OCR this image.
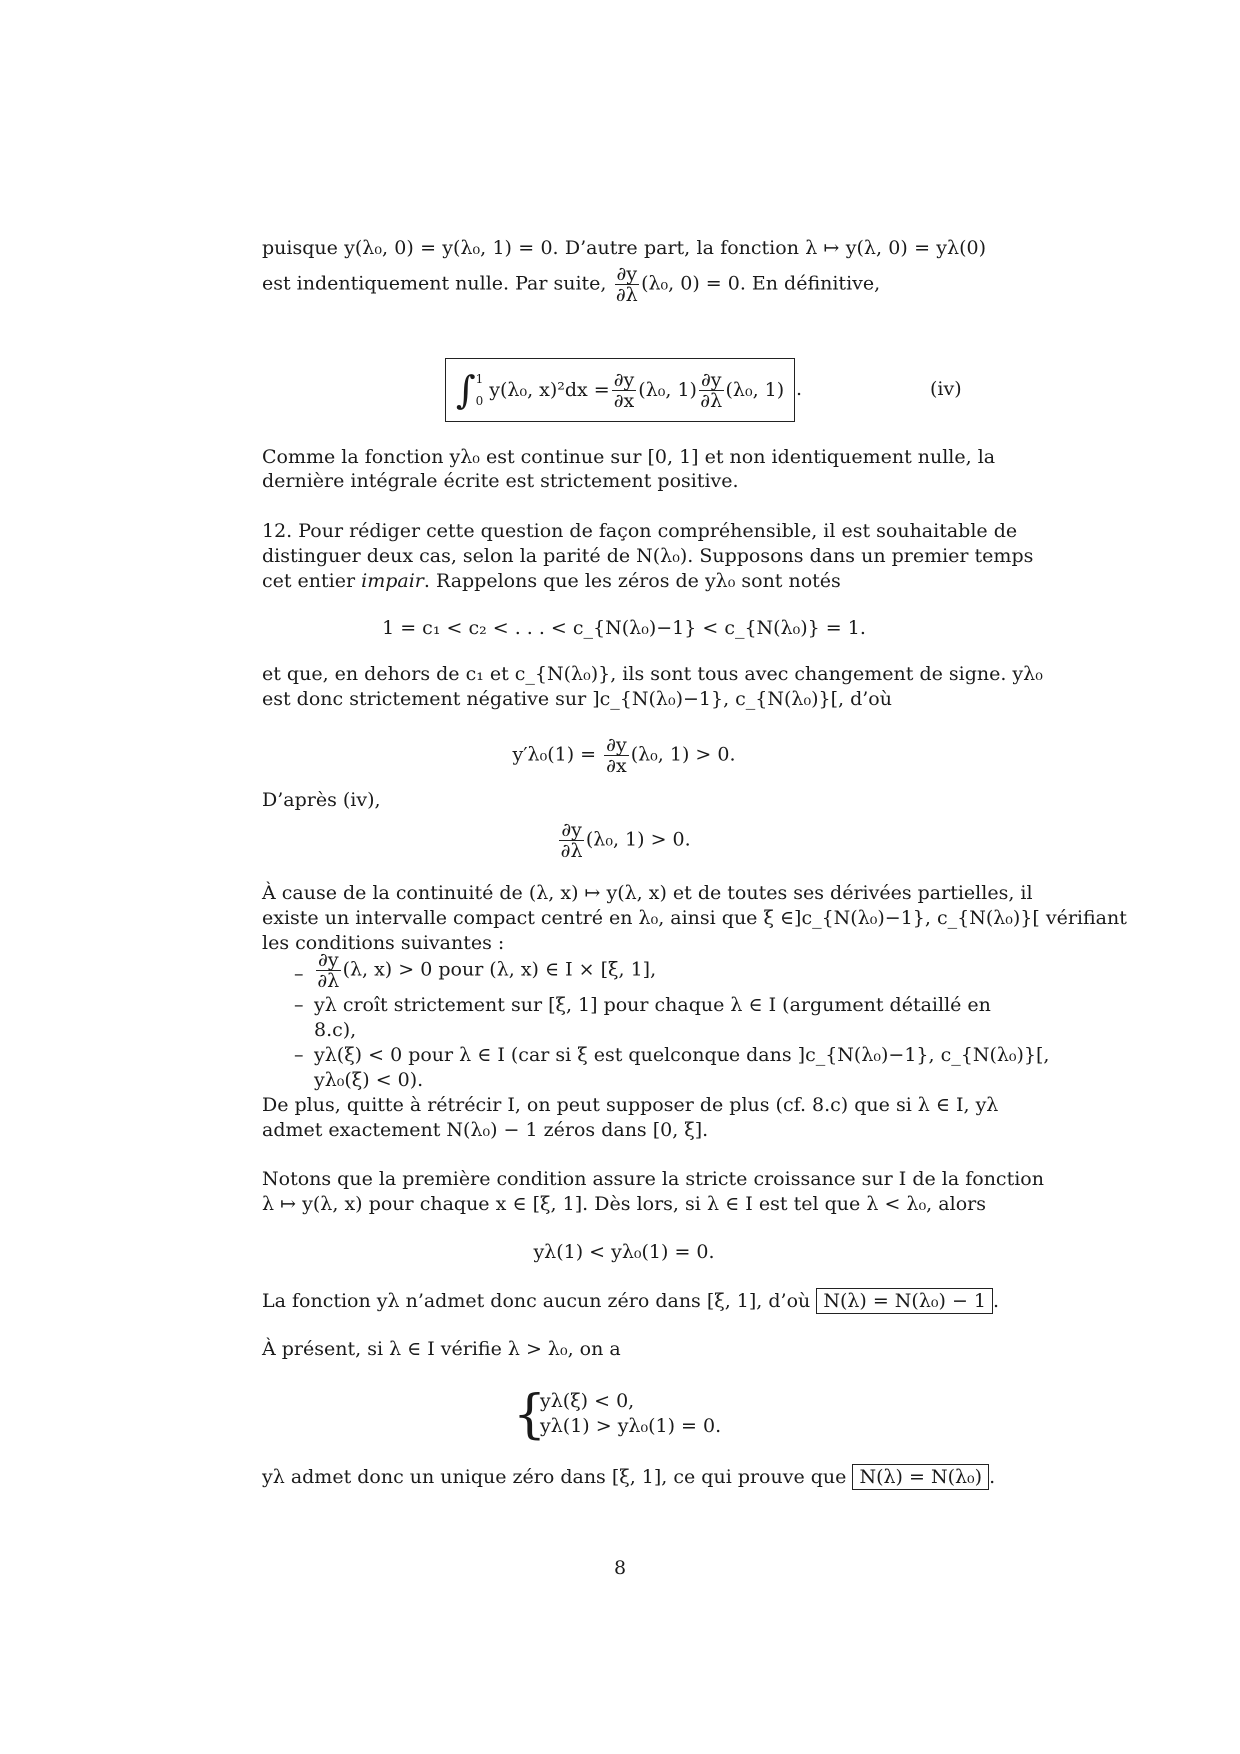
puisque y(λ₀, 0) = y(λ₀, 1) = 0. D’autre part, la fonction λ ↦ y(λ, 0) = yλ(0)
est indentiquement nulle. Par suite, $\frac{\partial y}{\partial\lambda} (\lambda_0$, 0) = 0. En définitive,
∫ 1
0 y(λ₀, $x)^2dx = \frac{\partial y}{\partial x} (\lambda_0$, $1) \frac{\partial y}{\partial\lambda} (\lambda_0$, 1) .	(iv)
Comme la fonction yλ₀ est continue sur [0, 1] et non identiquement nulle, la
dernière intégrale écrite est strictement positive.
12. Pour rédiger cette question de façon compréhensible, il est souhaitable de
distinguer deux cas, selon la parité de N(λ₀). Supposons dans un premier temps
cet entier impair. Rappelons que les zéros de yλ₀ sont notés
1 = c₁ < c₂ < . . . < c_{N(λ₀)−1} < c_{N(λ₀)} = 1.
et que, en dehors de c₁ et c_{N(λ₀)}, ils sont tous avec changement de signe. yλ₀
est donc strictement négative sur ]c_{N(λ₀)−1}, c_{N(λ₀)}[, d’où
$y'\lambda_0(1) = \frac{\partial y}{\partial x} (\lambda_0$, 1) > 0.
D’après (iv),
$\frac{\partial y}{\partial\lambda} (\lambda_0$, 1) > 0.
À cause de la continuité de (λ, x) ↦ y(λ, x) et de toutes ses dérivées partielles, il
existe un intervalle compact centré en λ₀, ainsi que ξ ∈]c_{N(λ₀)−1}, c_{N(λ₀)}[ vérifiant
les conditions suivantes :
– $\frac{\partial y}{\partial\lambda} (\lambda$, x) > 0 pour (λ, x) ∈ I × [ξ, 1],
– yλ croît strictement sur [ξ, 1] pour chaque λ ∈ I (argument détaillé en
8.c),
– yλ(ξ) < 0 pour λ ∈ I (car si ξ est quelconque dans ]c_{N(λ₀)−1}, c_{N(λ₀)}[,
yλ₀(ξ) < 0).
De plus, quitte à rétrécir I, on peut supposer de plus (cf. 8.c) que si λ ∈ I, yλ
admet exactement N(λ₀) − 1 zéros dans [0, ξ].
Notons que la première condition assure la stricte croissance sur I de la fonction
λ ↦ y(λ, x) pour chaque x ∈ [ξ, 1]. Dès lors, si λ ∈ I est tel que λ < λ₀, alors
yλ(1) < yλ₀(1) = 0.
La fonction yλ n’admet donc aucun zéro dans [ξ, 1], d’où N(λ) = N(λ₀) − 1 .
À présent, si λ ∈ I vérifie λ > λ₀, on a
{
yλ(ξ) < 0,
yλ(1) > yλ₀(1) = 0.
yλ admet donc un unique zéro dans [ξ, 1], ce qui prouve que N(λ) = N(λ₀) .
8
